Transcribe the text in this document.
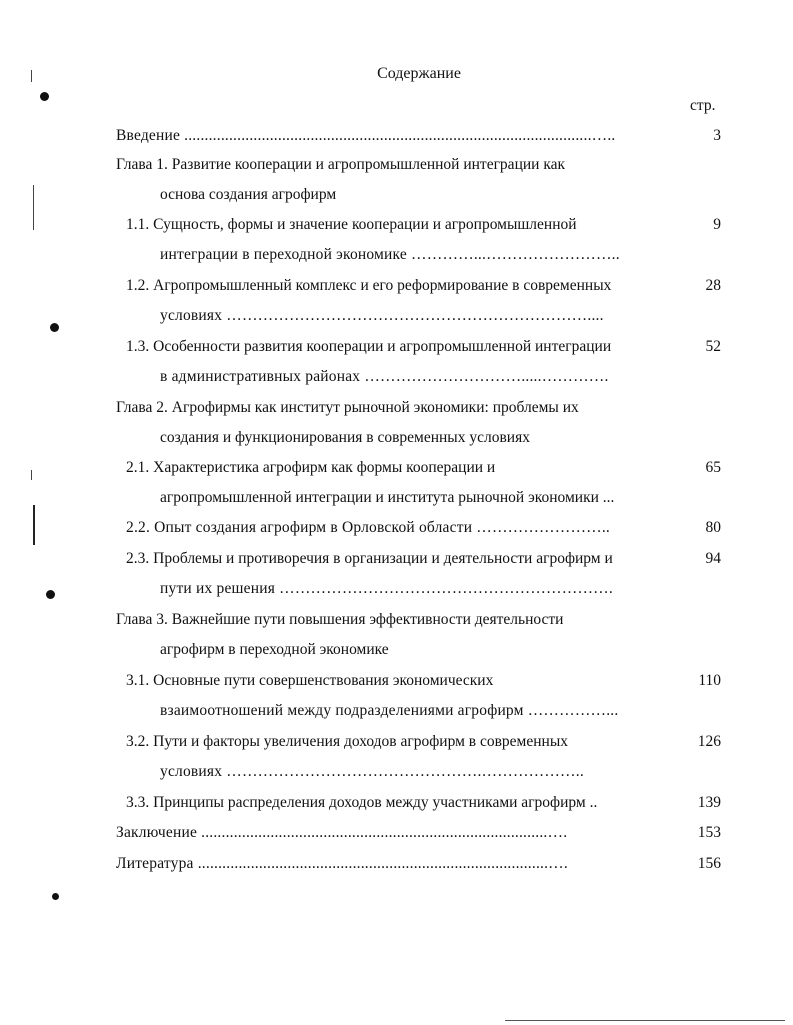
Содержание
стр.
Введение ....................................................................................................…..	3
Глава 1. Развитие кооперации и агропромышленной интеграции как
основа создания агрофирм
1.1. Сущность, формы и значение кооперации и агропромышленной	9
интеграции в переходной экономике …………...……………………..
1.2. Агропромышленный комплекс и его реформирование в современных	28
условиях ……………………………………………………………....
1.3. Особенности развития кооперации и агропромышленной интеграции	52
в административных районах ………………………….....………….
Глава 2. Агрофирмы как институт рыночной экономики: проблемы их
создания и функционирования в современных условиях
2.1. Характеристика агрофирм как формы кооперации и	65
агропромышленной интеграции и института рыночной экономики ...
2.2. Опыт создания агрофирм в Орловской области ……………………..	80
2.3. Проблемы и противоречия в организации и деятельности агрофирм и	94
пути их решения ……………………………………………………….
Глава 3. Важнейшие пути повышения эффективности деятельности
агрофирм в переходной экономике
3.1. Основные пути совершенствования экономических	110
взаимоотношений между подразделениями агрофирм ……………...
3.2. Пути и факторы увеличения доходов агрофирм в современных	126
условиях ………………………………………….………………..
3.3. Принципы распределения доходов между участниками агрофирм ..	139
Заключение .....................................................................................….	153
Литература ......................................................................................….	156
